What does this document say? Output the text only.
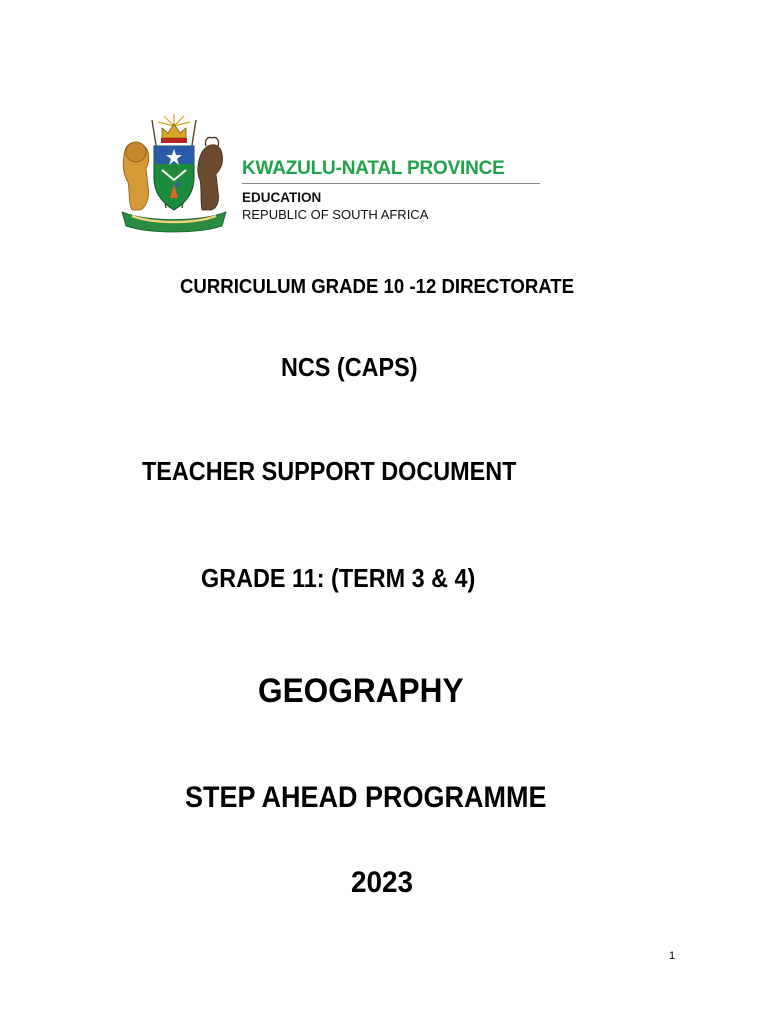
KWAZULU-NATAL PROVINCE
EDUCATION
REPUBLIC OF SOUTH AFRICA
CURRICULUM GRADE 10 -12 DIRECTORATE
NCS (CAPS)
TEACHER SUPPORT DOCUMENT
GRADE 11: (TERM 3 & 4)
GEOGRAPHY
STEP AHEAD PROGRAMME
2023
1
